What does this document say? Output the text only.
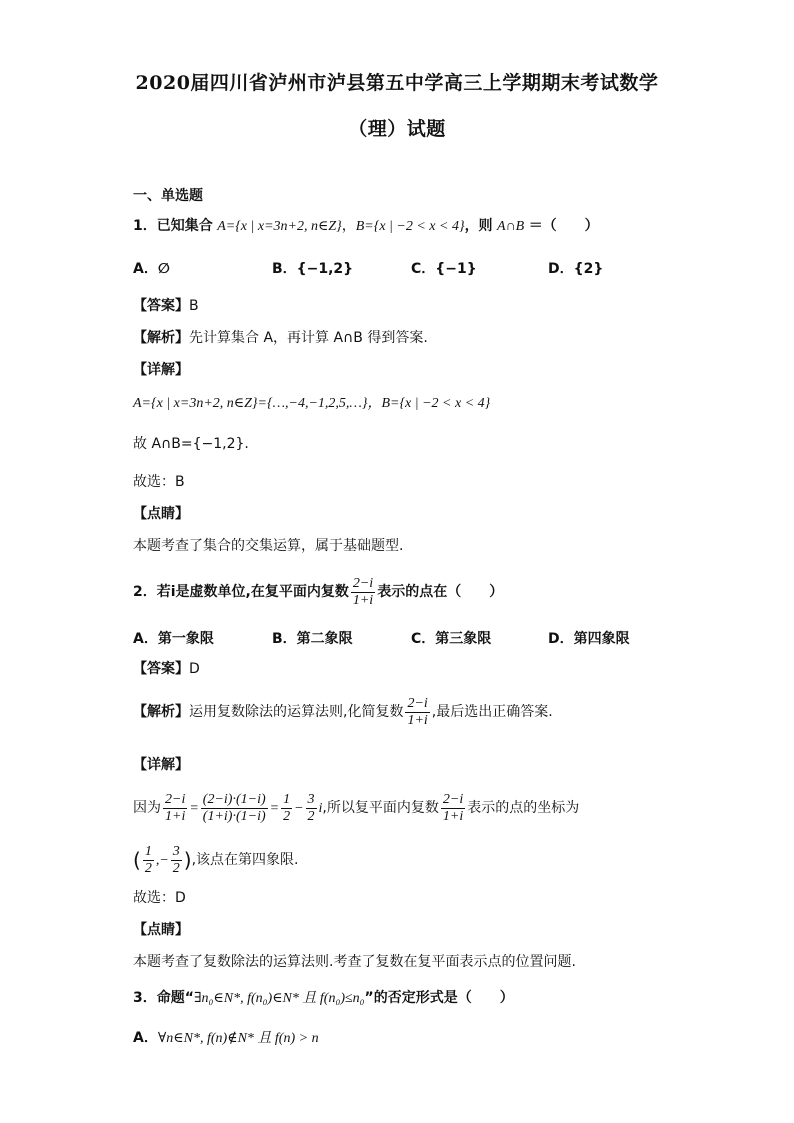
2020届四川省泸州市泸县第五中学高三上学期期末考试数学
（理）试题
一、单选题
1．已知集合 A={x | x=3n+2, n∈Z}，B={x | −2 < x < 4}，则 A∩B ＝（　　）
A．∅	B．{−1,2}	C．{−1}	D．{2}
【答案】B
【解析】先计算集合 A，再计算 A∩B 得到答案.
【详解】
A={x | x=3n+2, n∈Z}={…,−4,−1,2,5,…}，B={x | −2 < x < 4}
故 A∩B={−1,2}.
故选：B
【点睛】
本题考查了集合的交集运算，属于基础题型.
2．若i是虚数单位,在复平面内复数 $\frac{2-i}{1+i}$ 表示的点在（　　）
A．第一象限	B．第二象限	C．第三象限	D．第四象限
【答案】D
【解析】运用复数除法的运算法则,化简复数 $\frac{2-i}{1+i}$ ,最后选出正确答案.
【详解】
因为 $\frac{2-i}{1+i} = \frac{(2-i)\cdot(1-i)}{(1+i)\cdot(1-i)} = \frac{1}{2} - \frac{3}{2} i$,所以复平面内复数 $\frac{2-i}{1+i}$ 表示的点的坐标为
( $\frac{1}{2}$ ,− $\frac{3}{2}$ ),该点在第四象限.
故选：D
【点睛】
本题考查了复数除法的运算法则.考查了复数在复平面表示点的位置问题.
3．命题“∃n₀∈N*, f(n₀)∈N* 且 f(n₀)≤n₀”的否定形式是（　　）
A．∀n∈N*, f(n)∉N* 且 f(n) > n
